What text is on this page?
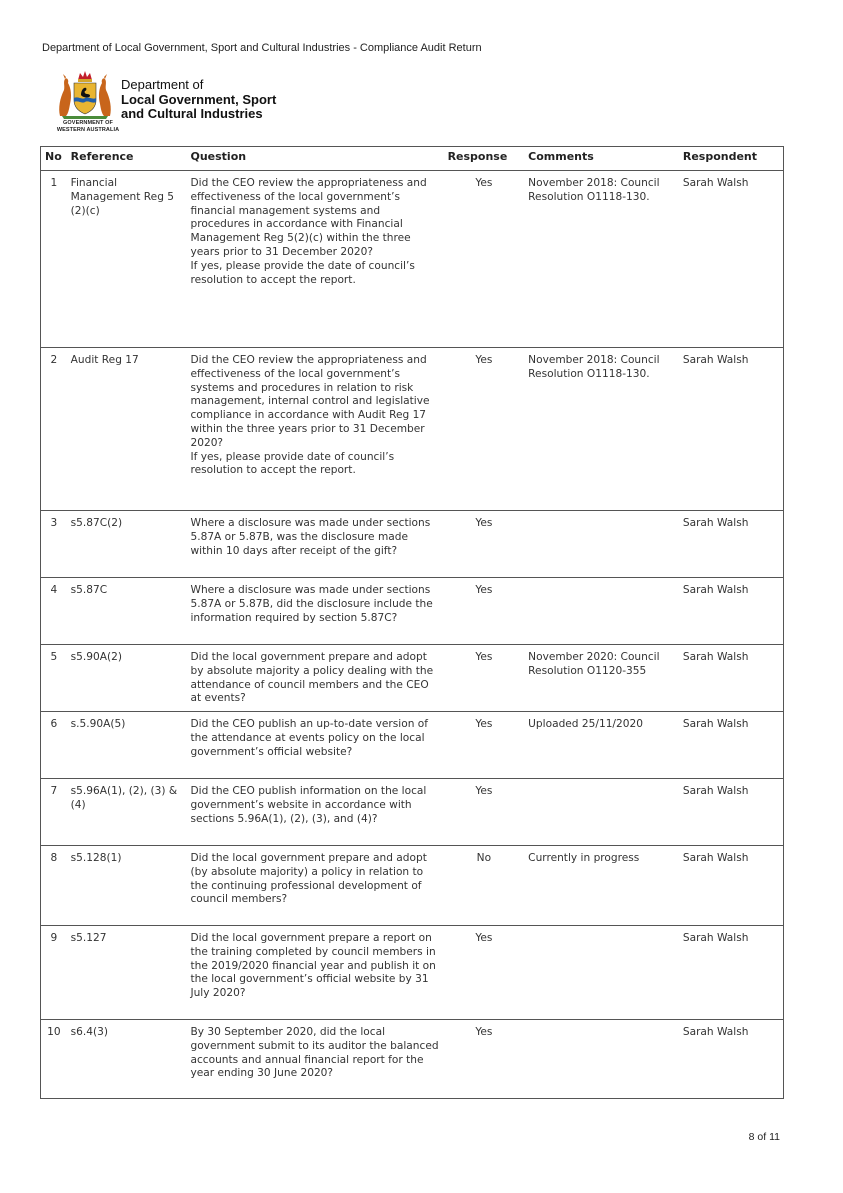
Department of Local Government, Sport and Cultural Industries - Compliance Audit Return
GOVERNMENT OF
WESTERN AUSTRALIA
Department of
Local Government, Sport
and Cultural Industries
No	Reference	Question	Response	Comments	Respondent
1	Financial Management Reg 5 (2)(c)	Did the CEO review the appropriateness and effectiveness of the local government’s financial management systems and procedures in accordance with Financial Management Reg 5(2)(c) within the three years prior to 31 December 2020?
If yes, please provide the date of council’s resolution to accept the report.	Yes	November 2018: Council Resolution O1118-130.	Sarah Walsh
2	Audit Reg 17	Did the CEO review the appropriateness and effectiveness of the local government’s systems and procedures in relation to risk management, internal control and legislative compliance in accordance with Audit Reg 17 within the three years prior to 31 December 2020?
If yes, please provide date of council’s resolution to accept the report.	Yes	November 2018: Council Resolution O1118-130.	Sarah Walsh
3	s5.87C(2)	Where a disclosure was made under sections 5.87A or 5.87B, was the disclosure made within 10 days after receipt of the gift?	Yes		Sarah Walsh
4	s5.87C	Where a disclosure was made under sections 5.87A or 5.87B, did the disclosure include the information required by section 5.87C?	Yes		Sarah Walsh
5	s5.90A(2)	Did the local government prepare and adopt by absolute majority a policy dealing with the attendance of council members and the CEO at events?	Yes	November 2020: Council Resolution O1120-355	Sarah Walsh
6	s.5.90A(5)	Did the CEO publish an up-to-date version of the attendance at events policy on the local government’s official website?	Yes	Uploaded 25/11/2020	Sarah Walsh
7	s5.96A(1), (2), (3) & (4)	Did the CEO publish information on the local government’s website in accordance with sections 5.96A(1), (2), (3), and (4)?	Yes		Sarah Walsh
8	s5.128(1)	Did the local government prepare and adopt (by absolute majority) a policy in relation to the continuing professional development of council members?	No	Currently in progress	Sarah Walsh
9	s5.127	Did the local government prepare a report on the training completed by council members in the 2019/2020 financial year and publish it on the local government’s official website by 31 July 2020?	Yes		Sarah Walsh
10	s6.4(3)	By 30 September 2020, did the local government submit to its auditor the balanced accounts and annual financial report for the year ending 30 June 2020?	Yes		Sarah Walsh
8 of 11
